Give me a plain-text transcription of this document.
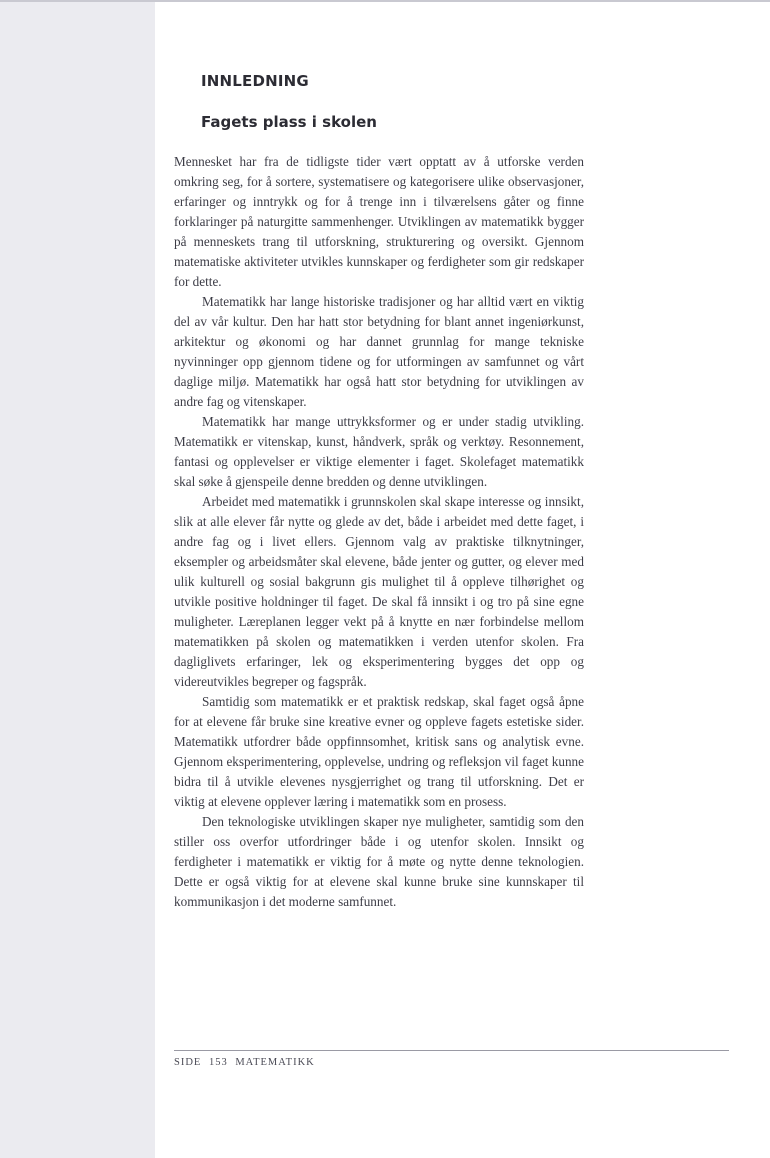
INNLEDNING
Fagets plass i skolen

Mennesket har fra de tidligste tider vært opptatt av å utforske verden omkring seg, for å sortere, systematisere og kategorisere ulike observasjoner, erfaringer og inntrykk og for å trenge inn i tilværelsens gåter og finne forklaringer på naturgitte sammenhenger. Utviklingen av matematikk bygger på menneskets trang til utforskning, strukturering og oversikt. Gjennom matematiske aktiviteter utvikles kunnskaper og ferdigheter som gir redskaper for dette.

Matematikk har lange historiske tradisjoner og har alltid vært en viktig del av vår kultur. Den har hatt stor betydning for blant annet ingeniørkunst, arkitektur og økonomi og har dannet grunnlag for mange tekniske nyvinninger opp gjennom tidene og for utformingen av samfunnet og vårt daglige miljø. Matematikk har også hatt stor betydning for utviklingen av andre fag og vitenskaper.

Matematikk har mange uttrykksformer og er under stadig utvikling. Matematikk er vitenskap, kunst, håndverk, språk og verktøy. Resonnement, fantasi og opplevelser er viktige elementer i faget. Skolefaget matematikk skal søke å gjenspeile denne bredden og denne utviklingen.

Arbeidet med matematikk i grunnskolen skal skape interesse og innsikt, slik at alle elever får nytte og glede av det, både i arbeidet med dette faget, i andre fag og i livet ellers. Gjennom valg av praktiske tilknytninger, eksempler og arbeidsmåter skal elevene, både jenter og gutter, og elever med ulik kulturell og sosial bakgrunn gis mulighet til å oppleve tilhørighet og utvikle positive holdninger til faget. De skal få innsikt i og tro på sine egne muligheter. Læreplanen legger vekt på å knytte en nær forbindelse mellom matematikken på skolen og matematikken i verden utenfor skolen. Fra dagliglivets erfaringer, lek og eksperimentering bygges det opp og videreutvikles begreper og fagspråk.

Samtidig som matematikk er et praktisk redskap, skal faget også åpne for at elevene får bruke sine kreative evner og oppleve fagets estetiske sider. Matematikk utfordrer både oppfinnsomhet, kritisk sans og analytisk evne. Gjennom eksperimentering, opplevelse, undring og refleksjon vil faget kunne bidra til å utvikle elevenes nysgjerrighet og trang til utforskning. Det er viktig at elevene opplever læring i matematikk som en prosess.

Den teknologiske utviklingen skaper nye muligheter, samtidig som den stiller oss overfor utfordringer både i og utenfor skolen. Innsikt og ferdigheter i matematikk er viktig for å møte og nytte denne teknologien. Dette er også viktig for at elevene skal kunne bruke sine kunnskaper til kommunikasjon i det moderne samfunnet.

SIDE 153 MATEMATIKK
